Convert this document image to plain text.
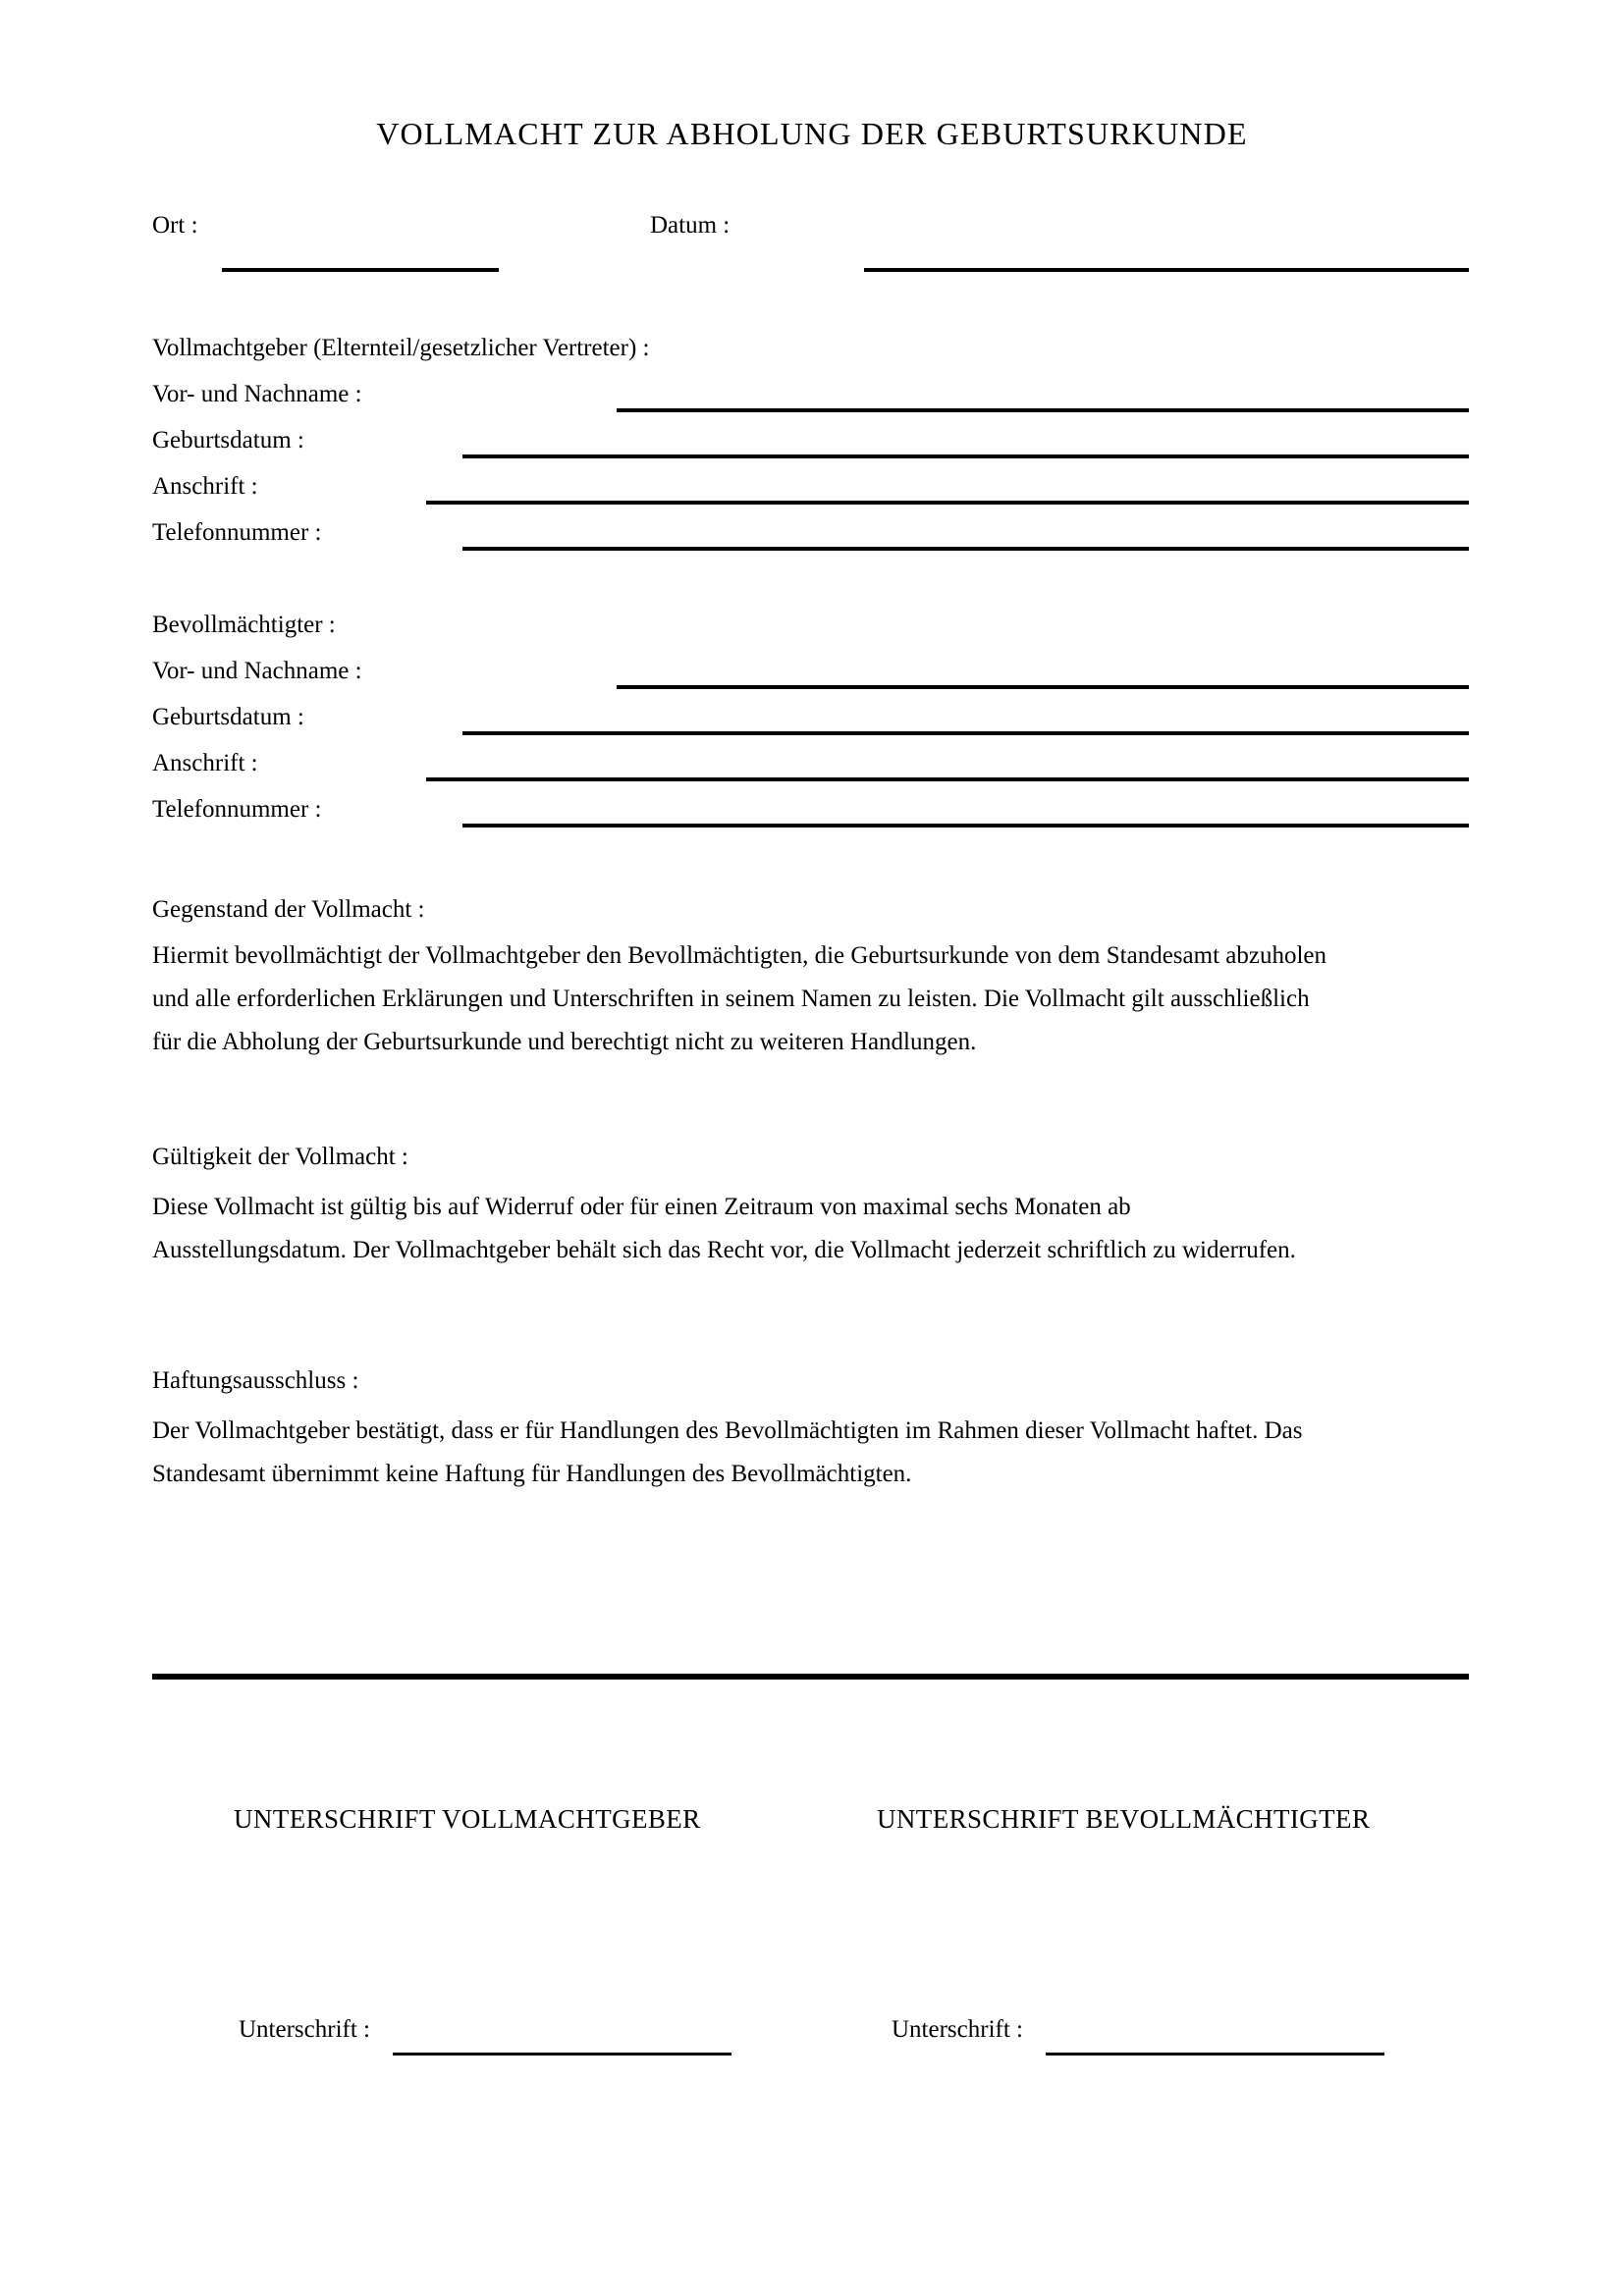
VOLLMACHT ZUR ABHOLUNG DER GEBURTSURKUNDE
Ort :	Datum :
Vollmachtgeber (Elternteil/gesetzlicher Vertreter) :
Vor- und Nachname :
Geburtsdatum :
Anschrift :
Telefonnummer :
Bevollmächtigter :
Vor- und Nachname :
Geburtsdatum :
Anschrift :
Telefonnummer :
Gegenstand der Vollmacht :
Hiermit bevollmächtigt der Vollmachtgeber den Bevollmächtigten, die Geburtsurkunde von dem Standesamt abzuholen
und alle erforderlichen Erklärungen und Unterschriften in seinem Namen zu leisten. Die Vollmacht gilt ausschließlich
für die Abholung der Geburtsurkunde und berechtigt nicht zu weiteren Handlungen.
Gültigkeit der Vollmacht :
Diese Vollmacht ist gültig bis auf Widerruf oder für einen Zeitraum von maximal sechs Monaten ab
Ausstellungsdatum. Der Vollmachtgeber behält sich das Recht vor, die Vollmacht jederzeit schriftlich zu widerrufen.
Haftungsausschluss :
Der Vollmachtgeber bestätigt, dass er für Handlungen des Bevollmächtigten im Rahmen dieser Vollmacht haftet. Das
Standesamt übernimmt keine Haftung für Handlungen des Bevollmächtigten.
UNTERSCHRIFT VOLLMACHTGEBER	UNTERSCHRIFT BEVOLLMÄCHTIGTER
Unterschrift :	Unterschrift :
